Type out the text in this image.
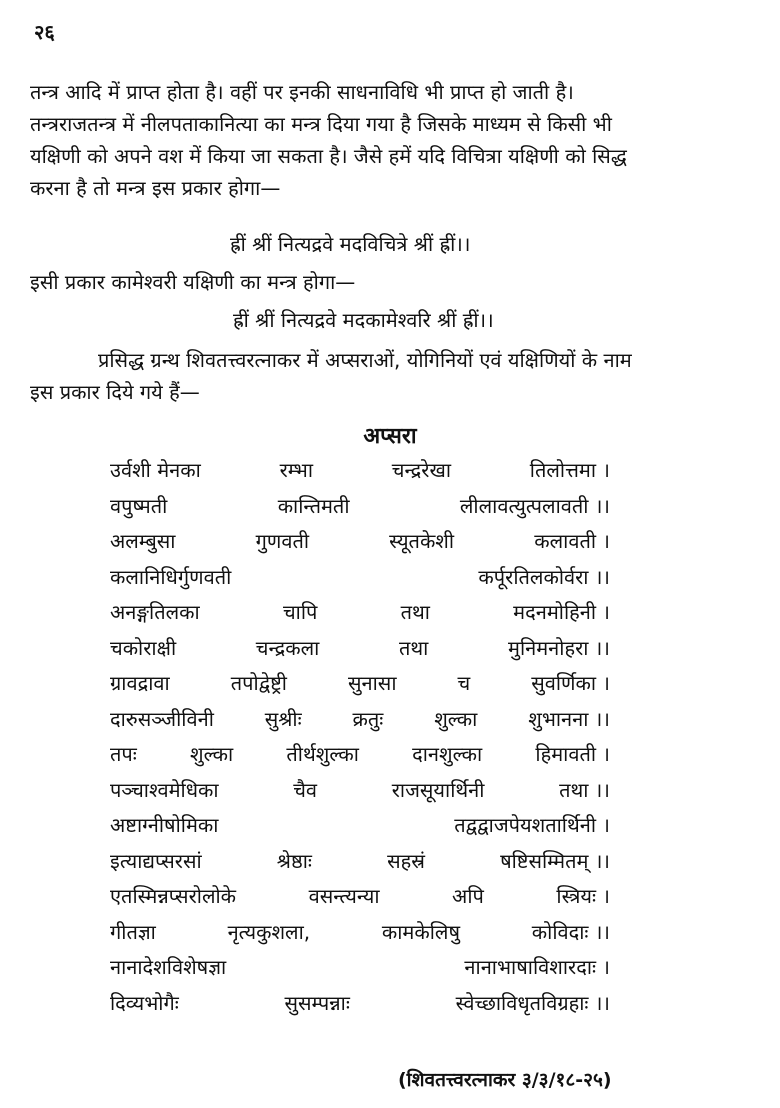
२६
तन्त्र आदि में प्राप्त होता है। वहीं पर इनकी साधनाविधि भी प्राप्त हो जाती है।
तन्त्रराजतन्त्र में नीलपताकानित्या का मन्त्र दिया गया है जिसके माध्यम से किसी भी
यक्षिणी को अपने वश में किया जा सकता है। जैसे हमें यदि विचित्रा यक्षिणी को सिद्ध
करना है तो मन्त्र इस प्रकार होगा—
ह्रीं श्रीं नित्यद्रवे मदविचित्रे श्रीं ह्रीं।।
इसी प्रकार कामेश्वरी यक्षिणी का मन्त्र होगा—
ह्रीं श्रीं नित्यद्रवे मदकामेश्वरि श्रीं ह्रीं।।
प्रसिद्ध ग्रन्थ शिवतत्त्वरत्नाकर में अप्सराओं, योगिनियों एवं यक्षिणियों के नाम
इस प्रकार दिये गये हैं—
अप्सरा
उर्वशी मेनका	रम्भा	चन्द्ररेखा	तिलोत्तमा ।
वपुष्मती	कान्तिमती	लीलावत्युत्पलावती ।।
अलम्बुसा	गुणवती	स्यूतकेशी	कलावती ।
कलानिधिर्गुणवती	कर्पूरतिलकोर्वरा ।।
अनङ्गतिलका	चापि	तथा	मदनमोहिनी ।
चकोराक्षी	चन्द्रकला	तथा	मुनिमनोहरा ।।
ग्रावद्रावा	तपोद्वेष्ट्री	सुनासा	च	सुवर्णिका ।
दारुसञ्जीविनी	सुश्रीः	क्रतुः	शुल्का	शुभानना ।।
तपः	शुल्का	तीर्थशुल्का	दानशुल्का	हिमावती ।
पञ्चाश्वमेधिका	चैव	राजसूयार्थिनी	तथा ।।
अष्टाग्नीषोमिका	तद्वद्वाजपेयशतार्थिनी ।
इत्याद्यप्सरसां	श्रेष्ठाः	सहस्रं	षष्टिसम्मितम् ।।
एतस्मिन्नप्सरोलोके	वसन्त्यन्या	अपि	स्त्रियः ।
गीतज्ञा	नृत्यकुशला,	कामकेलिषु	कोविदाः ।।
नानादेशविशेषज्ञा	नानाभाषाविशारदाः ।
दिव्यभोगैः	सुसम्पन्नाः	स्वेच्छाविधृतविग्रहाः ।।
(शिवतत्त्वरत्नाकर ३/३/१८-२५)
